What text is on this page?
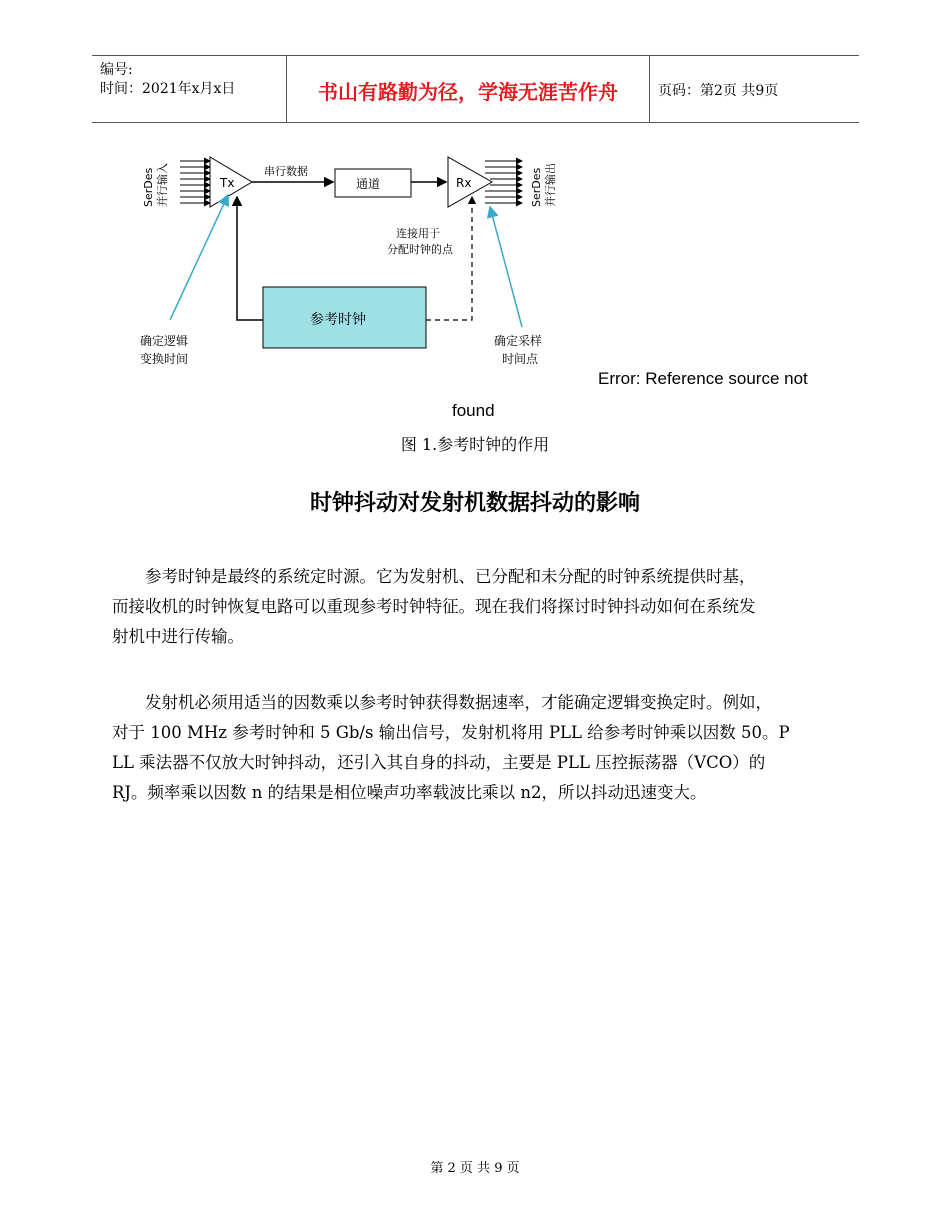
编号:
时间：2021年x月x日	书山有路勤为径，学海无涯苦作舟	页码：第2页 共9页
SerDes 并行输入	Tx
串行数据
通道	Rx	SerDes 并行输出
连接用于
分配时钟的点
参考时钟
确定逻辑
变换时间
确定采样
时间点
Error: Reference source not
found
图 1.参考时钟的作用
时钟抖动对发射机数据抖动的影响
　　参考时钟是最终的系统定时源。它为发射机、已分配和未分配的时钟系统提供时基，
而接收机的时钟恢复电路可以重现参考时钟特征。现在我们将探讨时钟抖动如何在系统发
射机中进行传输。
　　发射机必须用适当的因数乘以参考时钟获得数据速率，才能确定逻辑变换定时。例如，
对于 100 MHz 参考时钟和 5 Gb/s 输出信号，发射机将用 PLL 给参考时钟乘以因数 50。P
LL 乘法器不仅放大时钟抖动，还引入其自身的抖动，主要是 PLL 压控振荡器（VCO）的
RJ。频率乘以因数 n 的结果是相位噪声功率载波比乘以 n2，所以抖动迅速变大。
第 2 页 共 9 页
